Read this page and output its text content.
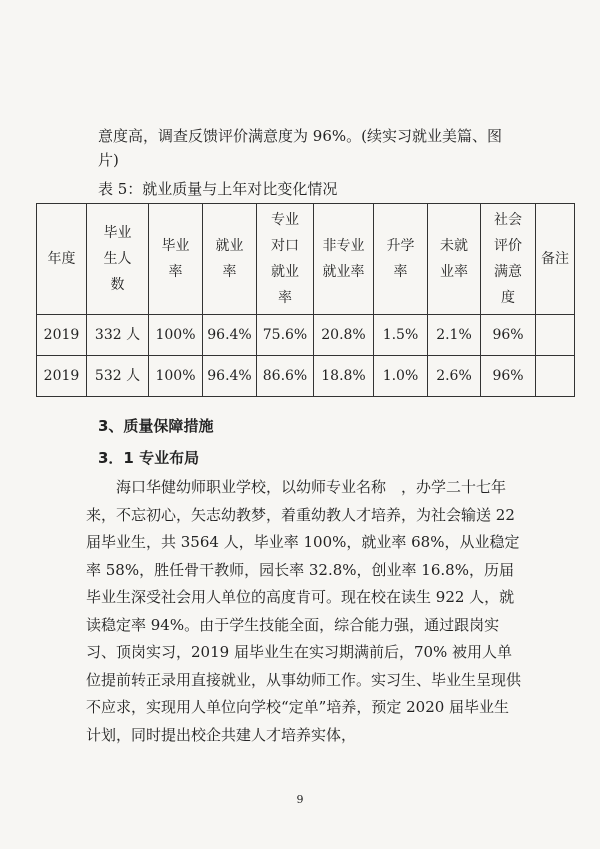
意度高，调查反馈评价满意度为 96%。(续实习就业美篇、图片)

表 5：就业质量与上年对比变化情况
年度	毕业生人数	毕业率	就业率	专业对口就业率	非专业就业率	升学率	未就业率	社会评价满意度	备注
2019	332 人	100%	96.4%	75.6%	20.8%	1.5%	2.1%	96%	
2019	532 人	100%	96.4%	86.6%	18.8%	1.0%	2.6%	96%	
3、质量保障措施
3．1 专业布局

海口华健幼师职业学校，以幼师专业名称　，办学二十七年来，不忘初心，矢志幼教梦，着重幼教人才培养，为社会输送 22 届毕业生，共 3564 人，毕业率 100%，就业率 68%，从业稳定率 58%，胜任骨干教师，园长率 32.8%，创业率 16.8%，历届毕业生深受社会用人单位的高度肯可。现在校在读生 922 人，就读稳定率 94%。由于学生技能全面，综合能力强，通过跟岗实习、顶岗实习，2019 届毕业生在实习期满前后，70% 被用人单位提前转正录用直接就业，从事幼师工作。实习生、毕业生呈现供不应求，实现用人单位向学校“定单”培养，预定 2020 届毕业生计划，同时提出校企共建人才培养实体，

9
